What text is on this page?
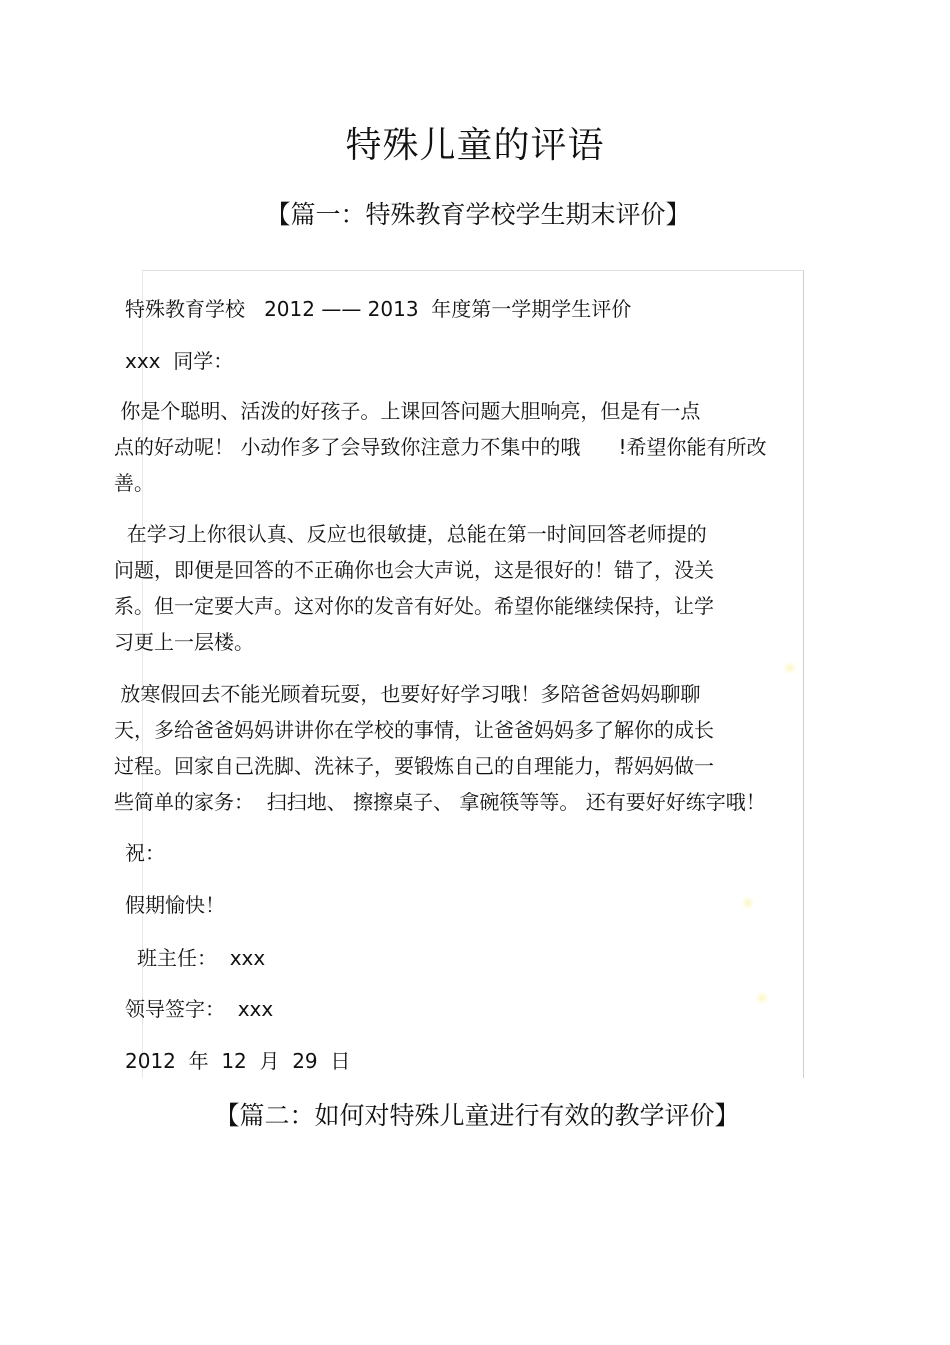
特殊儿童的评语
【篇一：特殊教育学校学生期末评价】
特殊教育学校   2012 —— 2013  年度第一学期学生评价
xxx  同学：
你是个聪明、活泼的好孩子。上课回答问题大胆响亮，但是有一点
点的好动呢！ 小动作多了会导致你注意力不集中的哦      !希望你能有所改
善。
在学习上你很认真、反应也很敏捷，总能在第一时间回答老师提的
问题，即便是回答的不正确你也会大声说，这是很好的！错了，没关
系。但一定要大声。这对你的发音有好处。希望你能继续保持，让学
习更上一层楼。
放寒假回去不能光顾着玩耍，也要好好学习哦！多陪爸爸妈妈聊聊
天，多给爸爸妈妈讲讲你在学校的事情，让爸爸妈妈多了解你的成长
过程。回家自己洗脚、洗袜子，要锻炼自己的自理能力，帮妈妈做一
些简单的家务：  扫扫地、 擦擦桌子、 拿碗筷等等。 还有要好好练字哦！
祝：
假期愉快！
班主任：  xxx
领导签字：  xxx
2012  年  12  月  29  日
【篇二：如何对特殊儿童进行有效的教学评价】
